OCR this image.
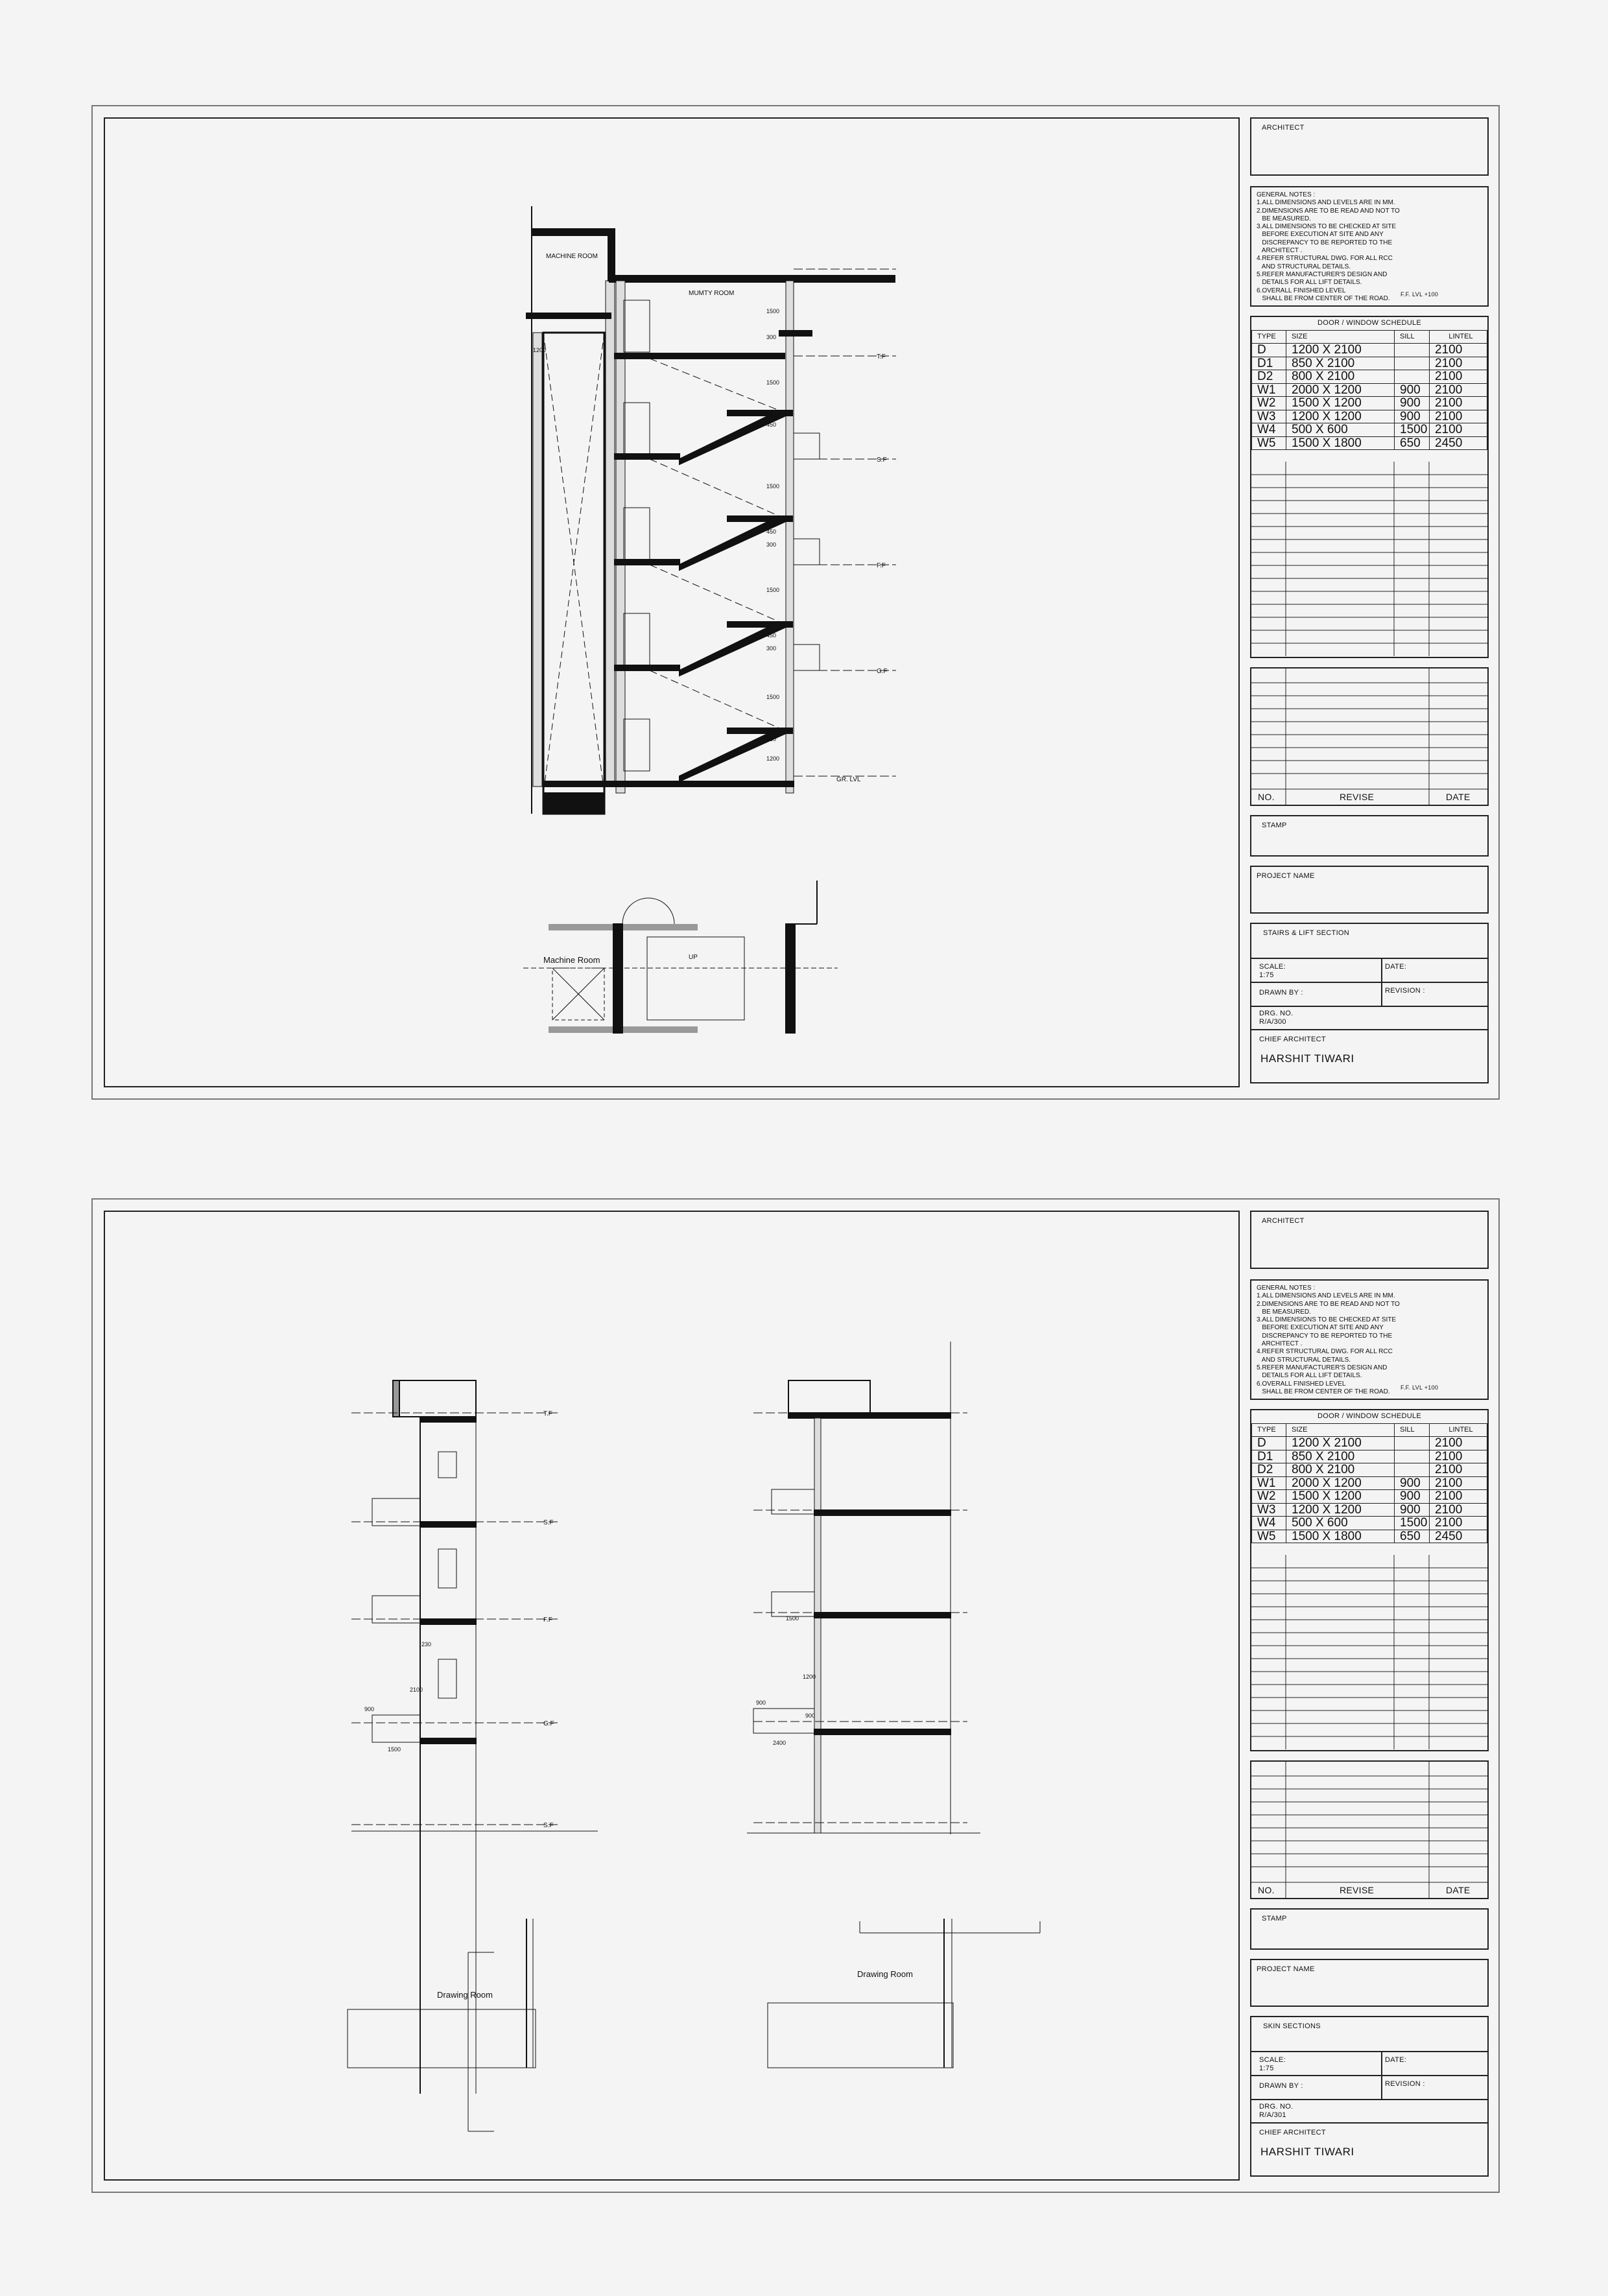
MACHINE ROOM
MUMTY ROOM
LIFT PIT
Machine Room	UP
T.F
S.F
F.F
G.F
GR. LVL
1500
1200
300
1500
450
1500
450
300
1500
450
300
1500
450
1200
ARCHITECT
GENERAL NOTES :
1.ALL DIMENSIONS AND LEVELS ARE IN MM.
2.DIMENSIONS ARE TO BE READ AND NOT TO
BE MEASURED.
3.ALL DIMENSIONS TO BE CHECKED AT SITE
BEFORE EXECUTION AT SITE AND ANY
DISCREPANCY TO BE REPORTED TO THE
ARCHITECT .
4.REFER STRUCTURAL DWG. FOR ALL RCC
AND STRUCTURAL DETAILS.
5.REFER MANUFACTURER'S DESIGN AND
DETAILS FOR ALL LIFT DETAILS.
6.OVERALL FINISHED LEVEL
SHALL BE FROM CENTER OF THE ROAD.
F.F. LVL +100
DOOR / WINDOW SCHEDULE
TYPE	SIZE	SILL	LINTEL
D	1200 X 2100		2100
D1	850 X 2100		2100
D2	800 X 2100		2100
W1	2000 X 1200	900	2100
W2	1500 X 1200	900	2100
W3	1200 X 1200	900	2100
W4	500 X 600	1500	2100
W5	1500 X 1800	650	2450
NO.	REVISE	DATE
STAMP
PROJECT NAME
STAIRS & LIFT SECTION
SCALE:
1:75
DATE:
DRAWN BY :	REVISION :
DRG. NO.
R/A/300
CHIEF ARCHITECT
HARSHIT TIWARI
T.F
S.F
F.F
G.F
S.F
230
2100
900
1500
1500
1200
900
900
2400
Drawing Room
Drawing Room
ARCHITECT
GENERAL NOTES :
1.ALL DIMENSIONS AND LEVELS ARE IN MM.
2.DIMENSIONS ARE TO BE READ AND NOT TO
BE MEASURED.
3.ALL DIMENSIONS TO BE CHECKED AT SITE
BEFORE EXECUTION AT SITE AND ANY
DISCREPANCY TO BE REPORTED TO THE
ARCHITECT .
4.REFER STRUCTURAL DWG. FOR ALL RCC
AND STRUCTURAL DETAILS.
5.REFER MANUFACTURER'S DESIGN AND
DETAILS FOR ALL LIFT DETAILS.
6.OVERALL FINISHED LEVEL
SHALL BE FROM CENTER OF THE ROAD.
F.F. LVL +100
DOOR / WINDOW SCHEDULE
TYPE	SIZE	SILL	LINTEL
D	1200 X 2100		2100
D1	850 X 2100		2100
D2	800 X 2100		2100
W1	2000 X 1200	900	2100
W2	1500 X 1200	900	2100
W3	1200 X 1200	900	2100
W4	500 X 600	1500	2100
W5	1500 X 1800	650	2450
NO.	REVISE	DATE
STAMP
PROJECT NAME
SKIN SECTIONS
SCALE:
1:75
DATE:
DRAWN BY :	REVISION :
DRG. NO.
R/A/301
CHIEF ARCHITECT
HARSHIT TIWARI
